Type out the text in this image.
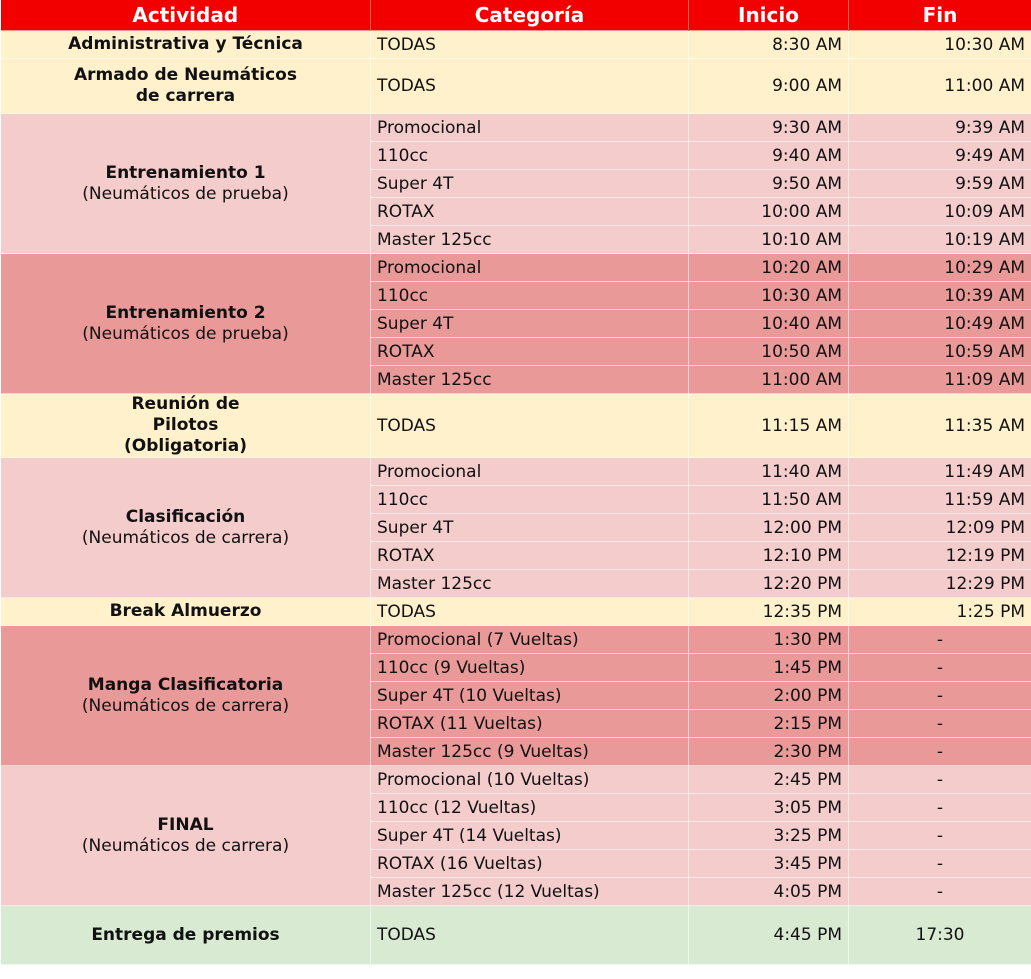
Actividad	Categoría	Inicio	Fin

Administrativa y Técnica	TODAS	8:30 AM	10:30 AM

Armado de Neumáticos de carrera	TODAS	9:00 AM	11:00 AM

Entrenamiento 1
(Neumáticos de prueba)	Promocional	9:30 AM	9:39 AM
	110cc	9:40 AM	9:49 AM
	Super 4T	9:50 AM	9:59 AM
	ROTAX	10:00 AM	10:09 AM
	Master 125cc	10:10 AM	10:19 AM

Entrenamiento 2
(Neumáticos de prueba)	Promocional	10:20 AM	10:29 AM
	110cc	10:30 AM	10:39 AM
	Super 4T	10:40 AM	10:49 AM
	ROTAX	10:50 AM	10:59 AM
	Master 125cc	11:00 AM	11:09 AM

Reunión de Pilotos (Obligatoria)	TODAS	11:15 AM	11:35 AM

Clasificación
(Neumáticos de carrera)	Promocional	11:40 AM	11:49 AM
	110cc	11:50 AM	11:59 AM
	Super 4T	12:00 PM	12:09 PM
	ROTAX	12:10 PM	12:19 PM
	Master 125cc	12:20 PM	12:29 PM

Break Almuerzo	TODAS	12:35 PM	1:25 PM

Manga Clasificatoria
(Neumáticos de carrera)	Promocional (7 Vueltas)	1:30 PM	-
	110cc (9 Vueltas)	1:45 PM	-
	Super 4T (10 Vueltas)	2:00 PM	-
	ROTAX (11 Vueltas)	2:15 PM	-
	Master 125cc (9 Vueltas)	2:30 PM	-

FINAL
(Neumáticos de carrera)	Promocional (10 Vueltas)	2:45 PM	-
	110cc (12 Vueltas)	3:05 PM	-
	Super 4T (14 Vueltas)	3:25 PM	-
	ROTAX (16 Vueltas)	3:45 PM	-
	Master 125cc (12 Vueltas)	4:05 PM	-

Entrega de premios	TODAS	4:45 PM	17:30
